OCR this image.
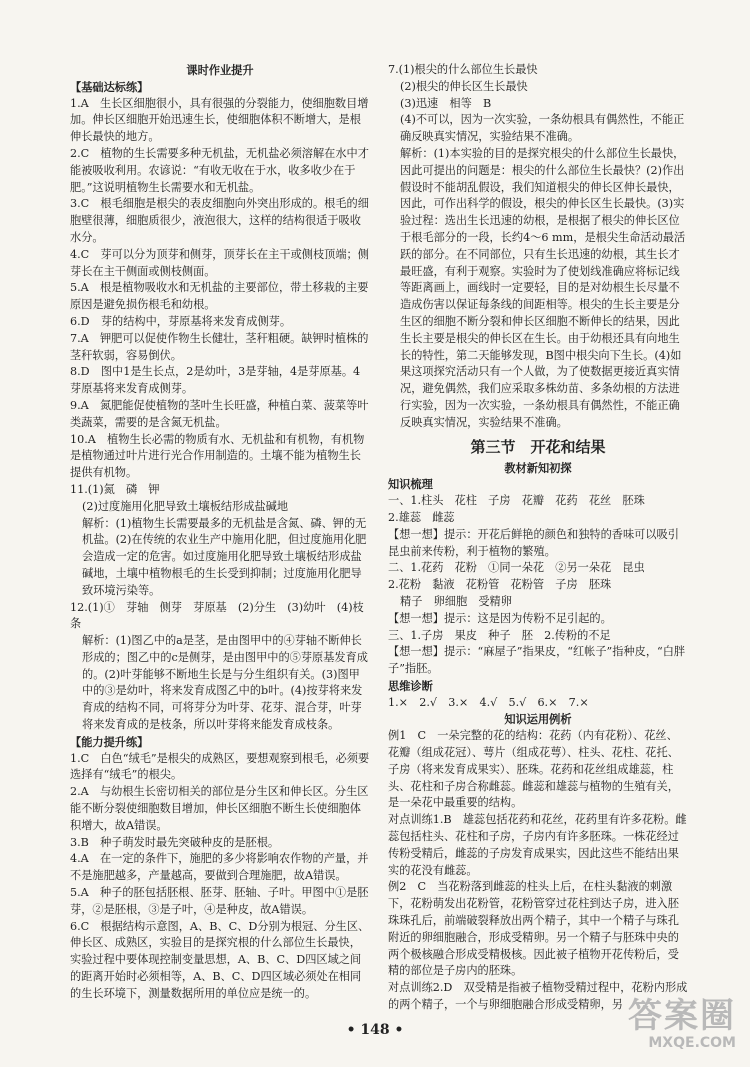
课时作业提升

【基础达标练】

1.A　生长区细胞很小，具有很强的分裂能力，使细胞数目增加。伸长区细胞开始迅速生长，使细胞体积不断增大，是根伸长最快的地方。

2.C　植物的生长需要多种无机盐，无机盐必须溶解在水中才能被吸收利用。农谚说：“有收无收在于水，收多收少在于肥。”这说明植物生长需要水和无机盐。

3.C　根毛细胞是根尖的表皮细胞向外突出形成的。根毛的细胞壁很薄，细胞质很少，液泡很大，这样的结构很适于吸收水分。

4.C　芽可以分为顶芽和侧芽，顶芽长在主干或侧枝顶端；侧芽长在主干侧面或侧枝侧面。

5.A　根是植物吸收水和无机盐的主要部位，带土移栽的主要原因是避免损伤根毛和幼根。

6.D　芽的结构中，芽原基将来发育成侧芽。

7.A　钾肥可以促使作物生长健壮，茎秆粗硬。缺钾时植株的茎秆软弱，容易倒伏。

8.D　图中1是生长点，2是幼叶，3是芽轴，4是芽原基。4芽原基将来发育成侧芽。

9.A　氮肥能促使植物的茎叶生长旺盛，种植白菜、菠菜等叶类蔬菜，需要的是含氮无机盐。

10.A　植物生长必需的物质有水、无机盐和有机物，有机物是植物通过叶片进行光合作用制造的。土壤不能为植物生长提供有机物。

11.(1)氮　磷　钾

(2)过度施用化肥导致土壤板结形成盐碱地

解析：(1)植物生长需要最多的无机盐是含氮、磷、钾的无机盐。(2)在传统的农业生产中施用化肥，但过度施用化肥会造成一定的危害。如过度施用化肥导致土壤板结形成盐碱地，土壤中植物根毛的生长受到抑制；过度施用化肥导致环境污染等。

12.(1)①　芽轴　侧芽　芽原基　(2)分生　(3)幼叶　(4)枝条

解析：(1)图乙中的a是茎，是由图甲中的④芽轴不断伸长形成的；图乙中的c是侧芽，是由图甲中的⑤芽原基发育成的。(2)叶芽能够不断地生长是与分生组织有关。(3)图甲中的③是幼叶，将来发育成图乙中的b叶。(4)按芽将来发育成的结构不同，可将芽分为叶芽、花芽、混合芽，叶芽将来发育成的是枝条，所以叶芽将来能发育成枝条。

【能力提升练】

1.C　白色“绒毛”是根尖的成熟区，要想观察到根毛，必须要选择有“绒毛”的根尖。

2.A　与幼根生长密切相关的部位是分生区和伸长区。分生区能不断分裂使细胞数目增加，伸长区细胞不断生长使细胞体积增大，故A错误。

3.B　种子萌发时最先突破种皮的是胚根。

4.A　在一定的条件下，施肥的多少将影响农作物的产量，并不是施肥越多，产量越高，要做到合理施肥，故A错误。

5.A　种子的胚包括胚根、胚芽、胚轴、子叶。甲图中①是胚芽，②是胚根，③是子叶，④是种皮，故A错误。

6.C　根据结构示意图，A、B、C、D分别为根冠、分生区、伸长区、成熟区，实验目的是探究根的什么部位生长最快，实验过程中要体现控制变量思想，A、B、C、D四区域之间的距离开始时必须相等，A、B、C、D四区域必须处在相同的生长环境下，测量数据所用的单位应是统一的。

7.(1)根尖的什么部位生长最快

(2)根尖的伸长区生长最快

(3)迅速　相等　B

(4)不可以，因为一次实验，一条幼根具有偶然性，不能正确反映真实情况，实验结果不准确。

解析：(1)本实验的目的是探究根尖的什么部位生长最快，因此可提出的问题是：根尖的什么部位生长最快？(2)作出假设时不能胡乱假设，我们知道根尖的伸长区伸长最快，因此，可作出科学的假设，根尖的伸长区生长最快。(3)实验过程：选出生长迅速的幼根，是根据了根尖的伸长区位于根毛部分的一段，长约4～6 mm，是根尖生命活动最活跃的部分。在不同部位，只有生长迅速的幼根，其生长才最旺盛，有利于观察。实验时为了使划线准确应将标记线等距离画上，画线时一定要轻，目的是对幼根生长尽量不造成伤害以保证每条线的间距相等。根尖的生长主要是分生区的细胞不断分裂和伸长区细胞不断伸长的结果，因此生长主要是根尖的伸长区在生长。由于幼根还具有向地生长的特性，第二天能够发现，B图中根尖向下生长。(4)如果这项探究活动只有一个人做，为了使数据更接近真实情况，避免偶然，我们应采取多株幼苗、多条幼根的方法进行实验，因为一次实验，一条幼根具有偶然性，不能正确反映真实情况，实验结果不准确。

第三节　开花和结果

教材新知初探

知识梳理

一、1.柱头　花柱　子房　花瓣　花药　花丝　胚珠

2.雄蕊　雌蕊

【想一想】提示：开花后鲜艳的颜色和独特的香味可以吸引昆虫前来传粉，利于植物的繁殖。

二、1.花药　花粉　①同一朵花　②另一朵花　昆虫

2.花粉　黏液　花粉管　花粉管　子房　胚珠

精子　卵细胞　受精卵

【想一想】提示：这是因为传粉不足引起的。

三、1.子房　果皮　种子　胚　2.传粉的不足

【想一想】提示：“麻屋子”指果皮，“红帐子”指种皮，“白胖子”指胚。

思维诊断

1.×　2.√　3.×　4.√　5.√　6.×　7.×

知识运用例析

例1　C　一朵完整的花的结构：花药（内有花粉）、花丝、花瓣（组成花冠）、萼片（组成花萼）、柱头、花柱、花托、子房（将来发育成果实）、胚珠。花药和花丝组成雄蕊，柱头、花柱和子房合称雌蕊。雌蕊和雄蕊与植物的生殖有关，是一朵花中最重要的结构。

对点训练1.B　雄蕊包括花药和花丝，花药里有许多花粉。雌蕊包括柱头、花柱和子房，子房内有许多胚珠。一株花经过传粉受精后，雌蕊的子房发育成果实，因此这些不能结出果实的花没有雌蕊。

例2　C　当花粉落到雌蕊的柱头上后，在柱头黏液的刺激下，花粉萌发出花粉管，花粉管穿过花柱到达子房，进入胚珠珠孔后，前端破裂释放出两个精子，其中一个精子与珠孔附近的卵细胞融合，形成受精卵。另一个精子与胚珠中央的两个极核融合形成受精极核。因此被子植物开花传粉后，受精的部位是子房内的胚珠。

对点训练2.D　双受精是指被子植物受精过程中，花粉内形成的两个精子，一个与卵细胞融合形成受精卵，另

• 148 •	答案圈
MXQE.COM
